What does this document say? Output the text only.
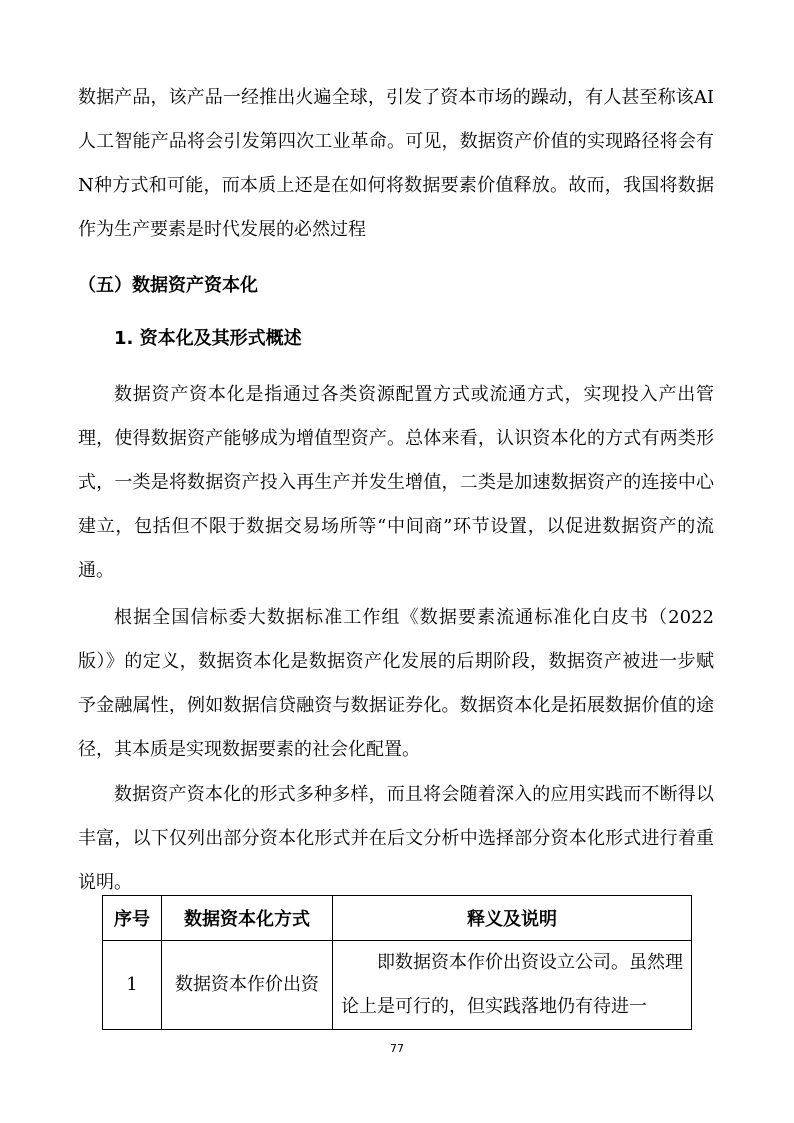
数据产品，该产品一经推出火遍全球，引发了资本市场的躁动，有人甚至称该AI人工智能产品将会引发第四次工业革命。可见，数据资产价值的实现路径将会有N种方式和可能，而本质上还是在如何将数据要素价值释放。故而，我国将数据作为生产要素是时代发展的必然过程

（五）数据资产资本化
1. 资本化及其形式概述

数据资产资本化是指通过各类资源配置方式或流通方式，实现投入产出管理，使得数据资产能够成为增值型资产。总体来看，认识资本化的方式有两类形式，一类是将数据资产投入再生产并发生增值，二类是加速数据资产的连接中心建立，包括但不限于数据交易场所等“中间商”环节设置，以促进数据资产的流通。

根据全国信标委大数据标准工作组《数据要素流通标准化白皮书（2022版）》的定义，数据资本化是数据资产化发展的后期阶段，数据资产被进一步赋予金融属性，例如数据信贷融资与数据证券化。数据资本化是拓展数据价值的途径，其本质是实现数据要素的社会化配置。

数据资产资本化的形式多种多样，而且将会随着深入的应用实践而不断得以丰富，以下仅列出部分资本化形式并在后文分析中选择部分资本化形式进行着重说明。

序号	数据资本化方式	释义及说明
1	数据资本作价出资	即数据资本作价出资设立公司。虽然理论上是可行的，但实践落地仍有待进一
77
